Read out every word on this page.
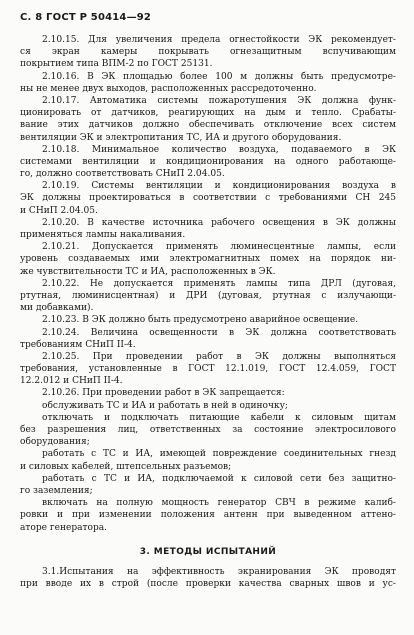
С. 8 ГОСТ Р 50414—92
2.10.15. Для увеличения предела огнестойкости ЭК рекомендует-
ся экран камеры покрывать огнезащитным вспучивающим
покрытием типа ВПМ-2 по ГОСТ 25131.
2.10.16. В ЭК площадью более 100 м должны быть предусмотре-
ны не менее двух выходов, расположенных рассредоточенно.
2.10.17. Автоматика системы пожаротушения ЭК должна функ-
ционировать от датчиков, реагирующих на дым и тепло. Срабаты-
вание этих датчиков должно обеспечивать отключение всех систем
вентиляции ЭК и электропитания ТС, ИА и другого оборудования.
2.10.18. Минимальное количество воздуха, подаваемого в ЭК
системами вентиляции и кондиционирования на одного работающе-
го, должно соответствовать СНиП 2.04.05.
2.10.19. Системы вентиляции и кондиционирования воздуха в
ЭК должны проектироваться в соответствии с требованиями СН 245
и СНиП 2.04.05.
2.10.20. В качестве источника рабочего освещения в ЭК должны
применяться лампы накаливания.
2.10.21. Допускается применять люминесцентные лампы, если
уровень создаваемых ими электромагнитных помех на порядок ни-
же чувствительности ТС и ИА, расположенных в ЭК.
2.10.22. Не допускается применять лампы типа ДРЛ (дуговая,
ртутная, люминисцентная) и ДРИ (дуговая, ртутная с излучающи-
ми добавками).
2.10.23. В ЭК должно быть предусмотрено аварийное освещение.
2.10.24. Величина освещенности в ЭК должна соответствовать
требованиям СНиП II-4.
2.10.25. При проведении работ в ЭК должны выполняться
требования, установленные в ГОСТ 12.1.019, ГОСТ 12.4.059, ГОСТ
12.2.012 и СНиП II-4.
2.10.26. При проведении работ в ЭК запрещается:
обслуживать ТС и ИА и работать в ней в одиночку;
отключать и подключать питающие кабели к силовым щитам
без разрешения лиц, ответственных за состояние электросилового
оборудования;
работать с ТС и ИА, имеющей повреждение соединительных гнезд
и силовых кабелей, штепсельных разъемов;
работать с ТС и ИА, подключаемой к силовой сети без защитно-
го заземления;
включать на полную мощность генератор СВЧ в режиме калиб-
ровки и при изменении положения антенн при выведенном аттено-
аторе генератора.
3. МЕТОДЫ ИСПЫТАНИЙ
3.1.Испытания на эффективность экранирования ЭК проводят
при вводе их в строй (после проверки качества сварных швов и ус-
